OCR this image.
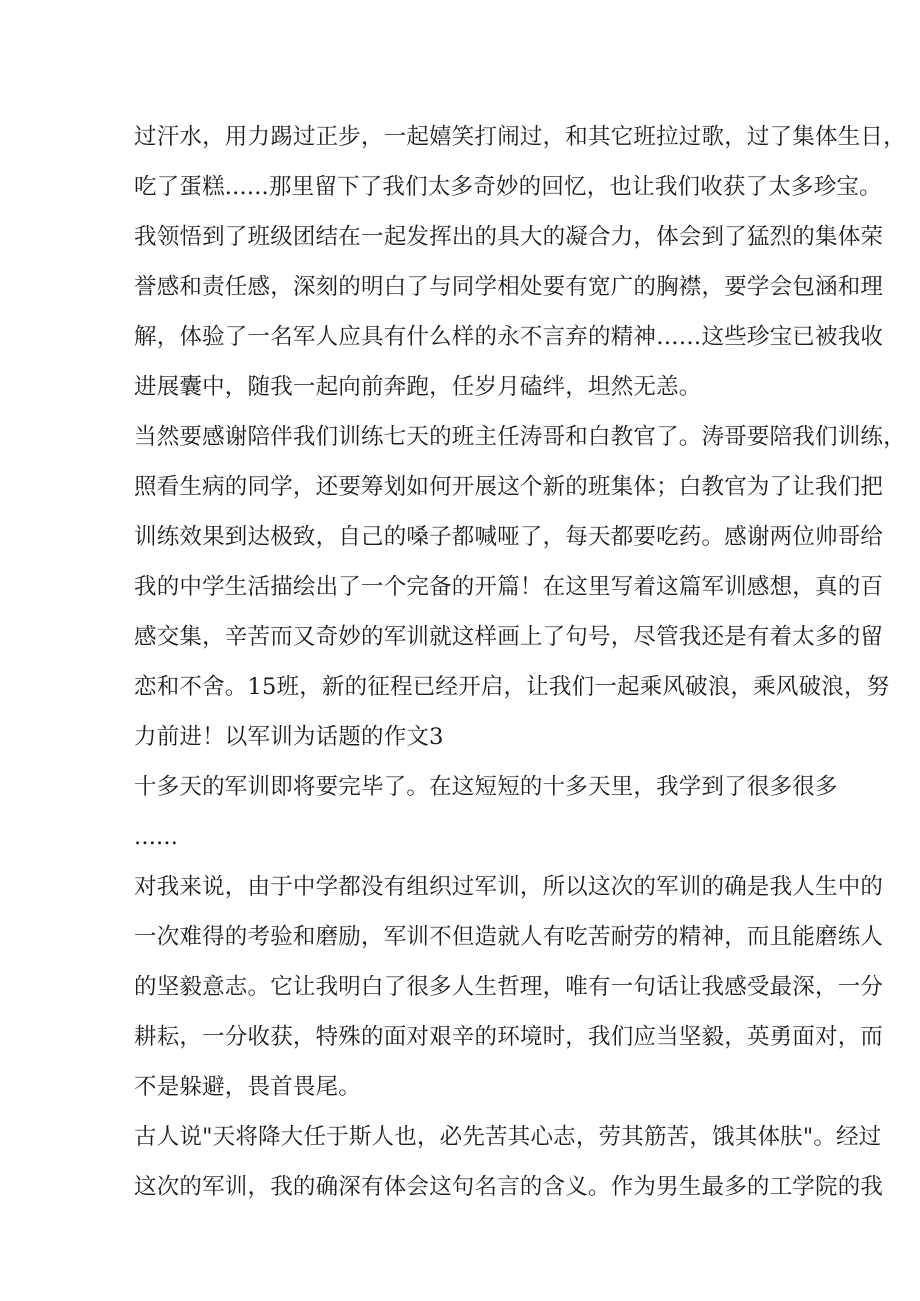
过汗水，用力踢过正步，一起嬉笑打闹过，和其它班拉过歌，过了集体生日，
吃了蛋糕......那里留下了我们太多奇妙的回忆，也让我们收获了太多珍宝。
我领悟到了班级团结在一起发挥出的具大的凝合力，体会到了猛烈的集体荣
誉感和责任感，深刻的明白了与同学相处要有宽广的胸襟，要学会包涵和理
解，体验了一名军人应具有什么样的永不言弃的精神……这些珍宝已被我收
进展囊中，随我一起向前奔跑，任岁月磕绊，坦然无恙。
当然要感谢陪伴我们训练七天的班主任涛哥和白教官了。涛哥要陪我们训练，
照看生病的同学，还要筹划如何开展这个新的班集体；白教官为了让我们把
训练效果到达极致，自己的嗓子都喊哑了，每天都要吃药。感谢两位帅哥给
我的中学生活描绘出了一个完备的开篇！在这里写着这篇军训感想，真的百
感交集，辛苦而又奇妙的军训就这样画上了句号，尽管我还是有着太多的留
恋和不舍。15班，新的征程已经开启，让我们一起乘风破浪，乘风破浪，努
力前进！以军训为话题的作文3
十多天的军训即将要完毕了。在这短短的十多天里，我学到了很多很多
......
对我来说，由于中学都没有组织过军训，所以这次的军训的确是我人生中的
一次难得的考验和磨励，军训不但造就人有吃苦耐劳的精神，而且能磨练人
的坚毅意志。它让我明白了很多人生哲理，唯有一句话让我感受最深，一分
耕耘，一分收获，特殊的面对艰辛的环境时，我们应当坚毅，英勇面对，而
不是躲避，畏首畏尾。
古人说"天将降大任于斯人也，必先苦其心志，劳其筋苦，饿其体肤"。经过
这次的军训，我的确深有体会这句名言的含义。作为男生最多的工学院的我
